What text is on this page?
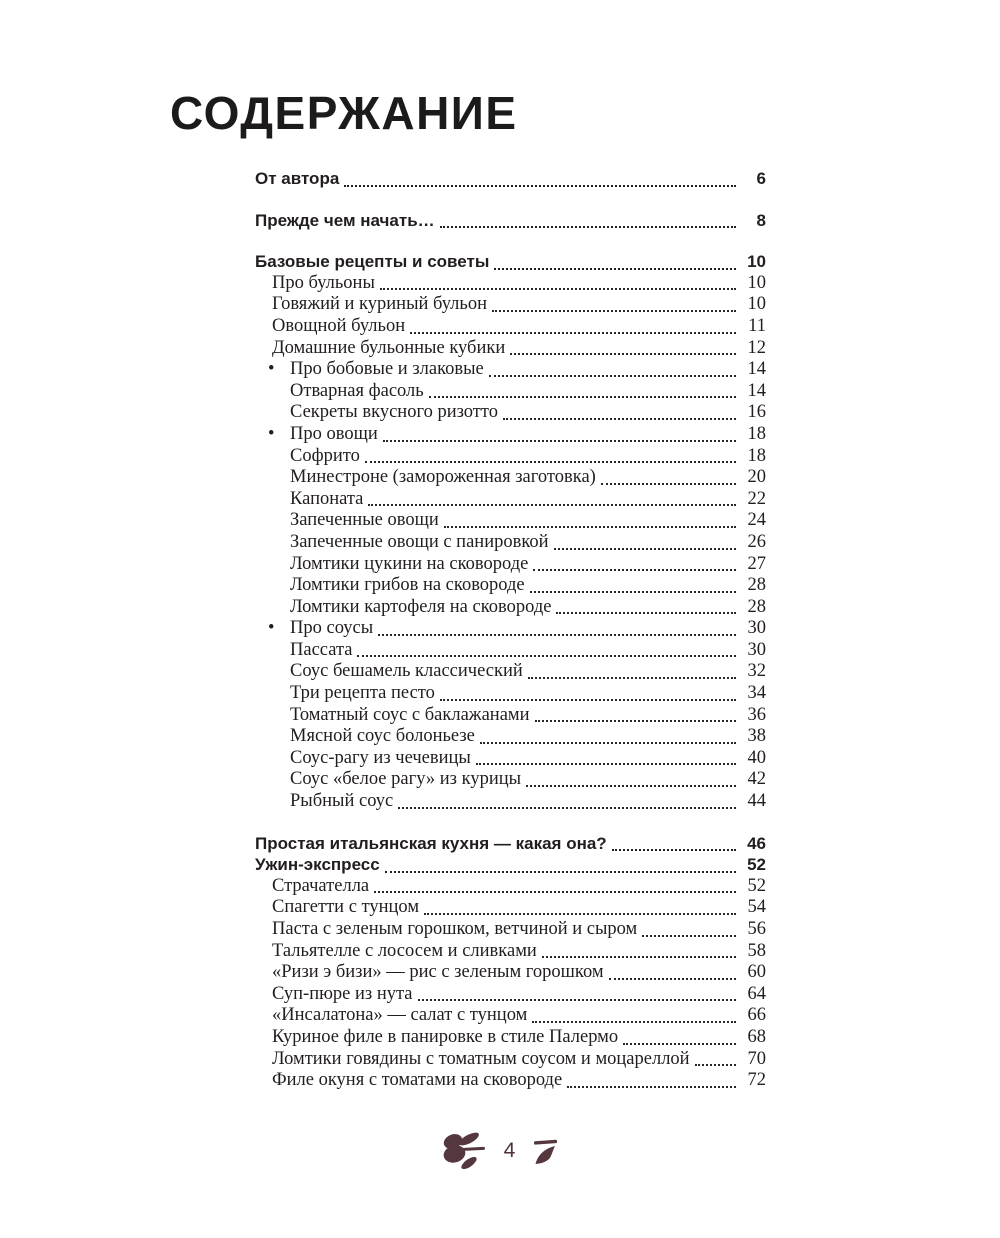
СОДЕРЖАНИЕ
От автора	6
Прежде чем начать…	8
Базовые рецепты и советы	10
Про бульоны	10
Говяжий и куриный бульон	10
Овощной бульон	11
Домашние бульонные кубики	12
• Про бобовые и злаковые	14
Отварная фасоль	14
Секреты вкусного ризотто	16
• Про овощи	18
Софрито	18
Минестроне (замороженная заготовка)	20
Капоната	22
Запеченные овощи	24
Запеченные овощи с панировкой	26
Ломтики цукини на сковороде	27
Ломтики грибов на сковороде	28
Ломтики картофеля на сковороде	28
• Про соусы	30
Пассата	30
Соус бешамель классический	32
Три рецепта песто	34
Томатный соус с баклажанами	36
Мясной соус болоньезе	38
Соус-рагу из чечевицы	40
Соус «белое рагу» из курицы	42
Рыбный соус	44
Простая итальянская кухня — какая она?	46
Ужин-экспресс	52
Страчателла	52
Спагетти с тунцом	54
Паста с зеленым горошком, ветчиной и сыром	56
Тальятелле с лососем и сливками	58
«Ризи э бизи» — рис с зеленым горошком	60
Суп-пюре из нута	64
«Инсалатона» — салат с тунцом	66
Куриное филе в панировке в стиле Палермо	68
Ломтики говядины с томатным соусом и моцареллой	70
Филе окуня с томатами на сковороде	72
4
